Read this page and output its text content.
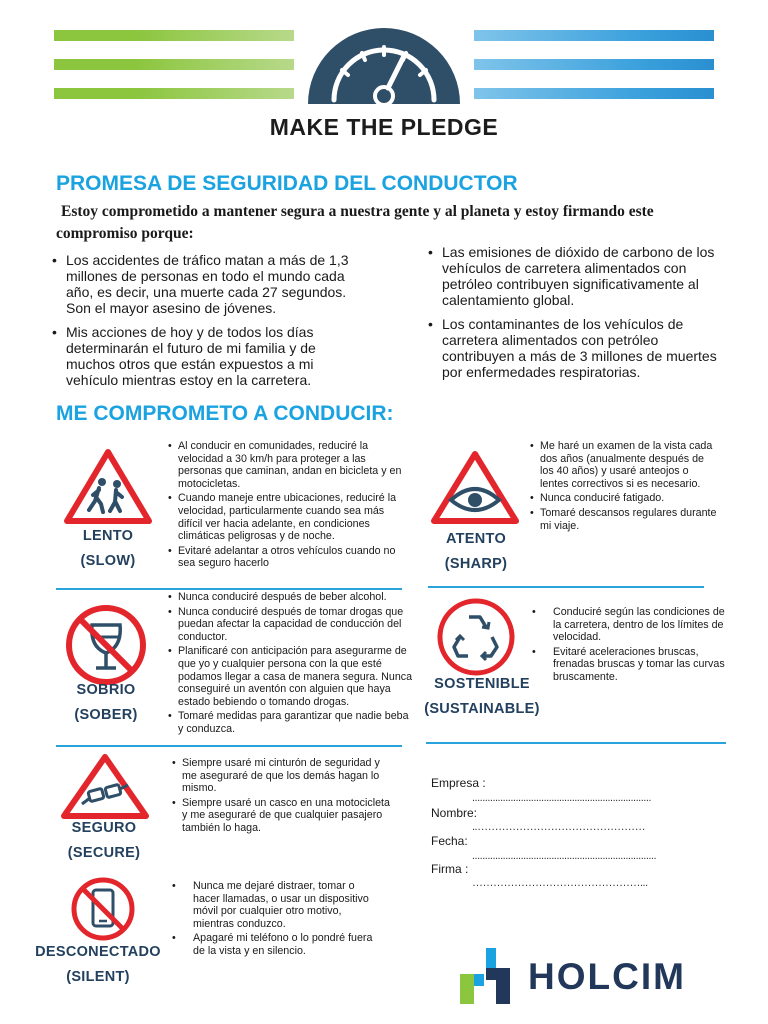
MAKE THE PLEDGE
PROMESA DE SEGURIDAD DEL CONDUCTOR
Estoy comprometido a mantener segura a nuestra gente y al planeta y estoy firmando este compromiso porque:
• Los accidentes de tráfico matan a más de 1,3 millones de personas en todo el mundo cada año, es decir, una muerte cada 27 segundos. Son el mayor asesino de jóvenes.
• Mis acciones de hoy y de todos los días determinarán el futuro de mi familia y de muchos otros que están expuestos a mi vehículo mientras estoy en la carretera.
• Las emisiones de dióxido de carbono de los vehículos de carretera alimentados con petróleo contribuyen significativamente al calentamiento global.
• Los contaminantes de los vehículos de carretera alimentados con petróleo contribuyen a más de 3 millones de muertes por enfermedades respiratorias.
ME COMPROMETO A CONDUCIR:
LENTO
(SLOW)
• Al conducir en comunidades, reduciré la velocidad a 30 km/h para proteger a las personas que caminan, andan en bicicleta y en motocicletas.
• Cuando maneje entre ubicaciones, reduciré la velocidad, particularmente cuando sea más difícil ver hacia adelante, en condiciones climáticas peligrosas y de noche.
• Evitaré adelantar a otros vehículos cuando no sea seguro hacerlo
ATENTO
(SHARP)
• Me haré un examen de la vista cada dos años (anualmente después de los 40 años) y usaré anteojos o lentes correctivos si es necesario.
• Nunca conduciré fatigado.
• Tomaré descansos regulares durante mi viaje.
SOBRIO
(SOBER)
• Nunca conduciré después de beber alcohol.
• Nunca conduciré después de tomar drogas que puedan afectar la capacidad de conducción del conductor.
• Planificaré con anticipación para asegurarme de que yo y cualquier persona con la que esté podamos llegar a casa de manera segura. Nunca conseguiré un aventón con alguien que haya estado bebiendo o tomando drogas.
• Tomaré medidas para garantizar que nadie beba y conduzca.
SOSTENIBLE
(SUSTAINABLE)
• Conduciré según las condiciones de la carretera, dentro de los límites de velocidad.
• Evitaré aceleraciones bruscas, frenadas bruscas y tomar las curvas bruscamente.
SEGURO
(SECURE)
• Siempre usaré mi cinturón de seguridad y me aseguraré de que los demás hagan lo mismo.
• Siempre usaré un casco en una motocicleta y me aseguraré de que cualquier pasajero también lo haga.
Empresa :
......................................................................
Nombre:
..…………………………………………
Fecha:
........................................................................
Firma :
…………………………………………...
DESCONECTADO
(SILENT)
• Nunca me dejaré distraer, tomar o hacer llamadas, o usar un dispositivo móvil por cualquier otro motivo, mientras conduzco.
• Apagaré mi teléfono o lo pondré fuera de la vista y en silencio.
HOLCIM
